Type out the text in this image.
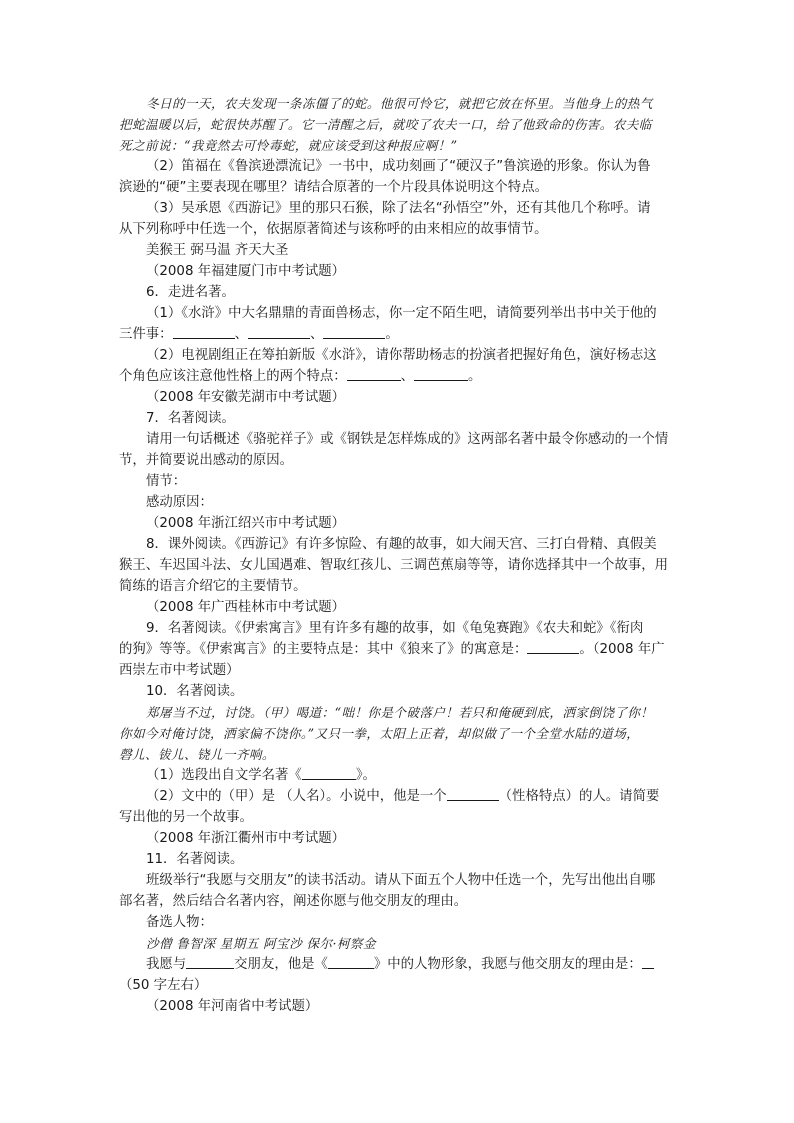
冬日的一天，农夫发现一条冻僵了的蛇。他很可怜它，就把它放在怀里。当他身上的热气
把蛇温暖以后，蛇很快苏醒了。它一清醒之后，就咬了农夫一口，给了他致命的伤害。农夫临
死之前说：“我竟然去可怜毒蛇，就应该受到这种报应啊！”
（2）笛福在《鲁滨逊漂流记》一书中，成功刻画了“硬汉子”鲁滨逊的形象。你认为鲁
滨逊的“硬”主要表现在哪里？请结合原著的一个片段具体说明这个特点。
（3）吴承恩《西游记》里的那只石猴，除了法名“孙悟空”外，还有其他几个称呼。请
从下列称呼中任选一个，依据原著简述与该称呼的由来相应的故事情节。
美猴王 弼马温 齐天大圣
（2008 年福建厦门市中考试题）
6．走进名著。
（1）《水浒》中大名鼎鼎的青面兽杨志，你一定不陌生吧，请简要列举出书中关于他的
三件事：	、	、	。
（2）电视剧组正在筹拍新版《水浒》，请你帮助杨志的扮演者把握好角色，演好杨志这
个角色应该注意他性格上的两个特点：	、	。
（2008 年安徽芜湖市中考试题）
7．名著阅读。
请用一句话概述《骆驼祥子》或《钢铁是怎样炼成的》这两部名著中最令你感动的一个情
节，并简要说出感动的原因。
情节：
感动原因：
（2008 年浙江绍兴市中考试题）
8．课外阅读。《西游记》有许多惊险、有趣的故事，如大闹天宫、三打白骨精、真假美
猴王、车迟国斗法、女儿国遇难、智取红孩儿、三调芭蕉扇等等，请你选择其中一个故事，用
简练的语言介绍它的主要情节。
（2008 年广西桂林市中考试题）
9．名著阅读。《伊索寓言》里有许多有趣的故事，如《龟兔赛跑》《农夫和蛇》《衔肉
的狗》等等。《伊索寓言》的主要特点是：其中《狼来了》的寓意是：	。（2008 年广
西崇左市中考试题）
10．名著阅读。
郑屠当不过，讨饶。（甲）喝道：“咄！你是个破落户！若只和俺硬到底，洒家倒饶了你！
你如今对俺讨饶，洒家偏不饶你。”又只一拳，太阳上正着，却似做了一个全堂水陆的道场，
磬儿、钹儿、铙儿一齐响。
（1）选段出自文学名著《	》。
（2）文中的（甲）是 （人名）。小说中，他是一个	（性格特点）的人。请简要
写出他的另一个故事。
（2008 年浙江衢州市中考试题）
11．名著阅读。
班级举行“我愿与交朋友”的读书活动。请从下面五个人物中任选一个，先写出他出自哪
部名著，然后结合名著内容，阐述你愿与他交朋友的理由。
备选人物：
沙僧 鲁智深 星期五 阿宝沙 保尔·柯察金
我愿与	交朋友，他是《	》中的人物形象，我愿与他交朋友的理由是：
（50 字左右）
（2008 年河南省中考试题）
